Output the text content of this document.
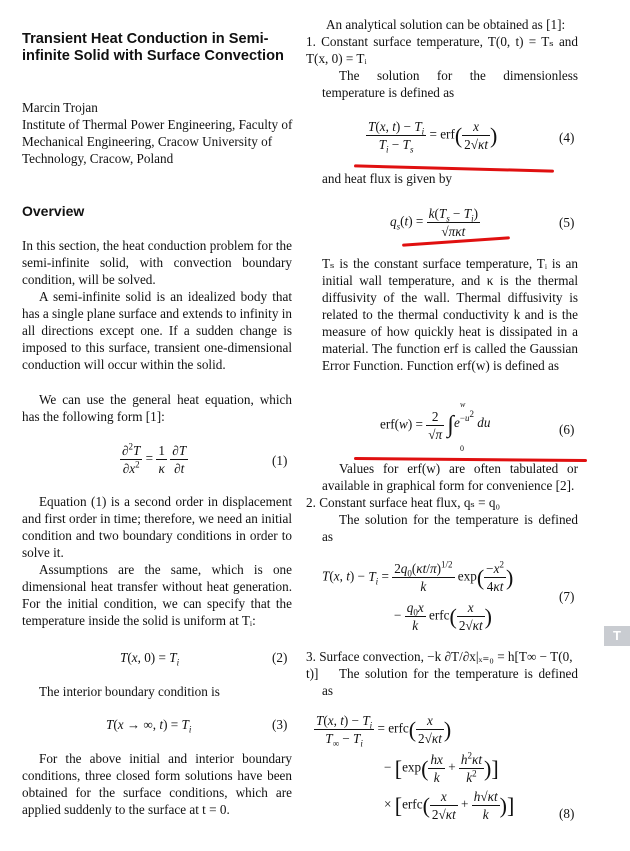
Transient Heat Conduction in Semi-infinite Solid with Surface Convection
Marcin Trojan
Institute of Thermal Power Engineering, Faculty of Mechanical Engineering, Cracow University of Technology, Cracow, Poland
Overview
In this section, the heat conduction problem for the semi-infinite solid, with convection boundary condition, will be solved.
A semi-infinite solid is an idealized body that has a single plane surface and extends to infinity in all directions except one. If a sudden change is imposed to this surface, transient one-dimensional conduction will occur within the solid.
We can use the general heat equation, which has the following form [1]:
$\frac{\partial^2T}{\partial x^2} = \frac{1}{\kappa}$
$\frac{\partial T}{\partial t}$	(1)
Equation (1) is a second order in displacement and first order in time; therefore, we need an initial condition and two boundary conditions in order to solve it.
Assumptions are the same, which is one dimensional heat transfer without heat generation. For the initial condition, we can specify that the temperature inside the solid is uniform at Tᵢ:
T(x, $0) = T_i$	(2)
The interior boundary condition is
T(x → ∞, $t) = T_i$	(3)
For the above initial and interior boundary conditions, three closed form solutions have been obtained for the surface conditions, which are applied suddenly to the surface at t = 0.
An analytical solution can be obtained as [1]:
1. Constant surface temperature, T(0, t) = Tₛ and T(x, 0) = Tᵢ
The solution for the dimensionless temperature is defined as
$\frac{T(x, t) - T_i}{T_i - T_s} = erf( \frac{x}{2√\kappa t}$ )	(4)
and heat flux is given by
$q_s(t) = \frac{k(T_s - T_i)}{\text{√πκt}}$	(5)
Tₛ is the constant surface temperature, Tᵢ is an initial wall temperature, and κ is the thermal diffusivity of the wall. Thermal diffusivity is related to the thermal conductivity k and is the measure of how quickly heat is dissipated in a material. The function erf is called the Gaussian Error Function. Function erf(w) is defined as
$erf(w) = \frac{2}{√\pi} \int e^{-u^2}$ du
w
0
(6)
Values for erf(w) are often tabulated or available in graphical form for convenience [2].
2. Constant surface heat flux, qₛ = q₀
The solution for the temperature is defined as
T(x, $t) - T_i = \frac{2q_0(\kappa t/\pi)^{1/2}}{k} \exp( \frac{-x^2}{4\kappa t}$ )
− $\frac{q_0x}{k}$ erfc( $\frac{x}{2√\kappa t}$ )
(7)
3. Surface convection, −k ∂T/∂x|ₓ₌₀ = h[T∞ − T(0, t)]	The solution for the temperature is defined as
$\frac{T(x, t) - T_i}{T_\infty - T_i}$ = erfc( $\frac{x}{2√\kappa t}$ )
− [$\exp( \frac{hx}{k} + \frac{h^2\kappa t}{k^2}$ )]
× [erfc( $\frac{x}{2√\kappa t} + \frac{h√\kappa t}{k}$ )]	(8)
T
